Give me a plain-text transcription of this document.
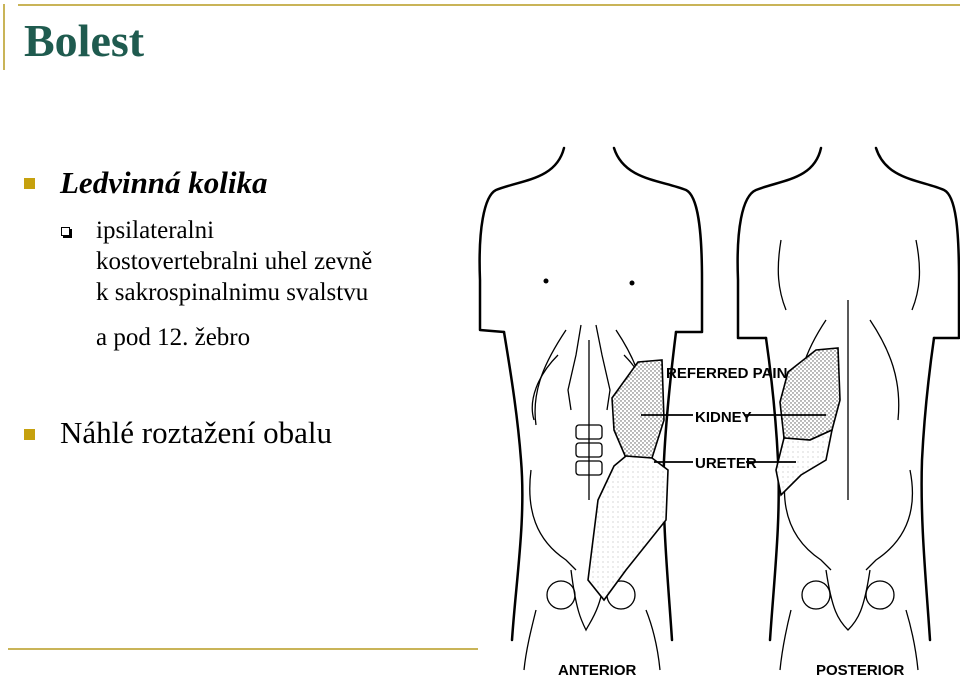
Bolest
Ledvinná kolika
ipsilateralni
kostovertebralni uhel zevně
k sakrospinalnimu svalstvu
a pod 12. žebro
Náhlé roztažení obalu
REFERRED PAIN
KIDNEY
URETER
ANTERIOR	POSTERIOR
